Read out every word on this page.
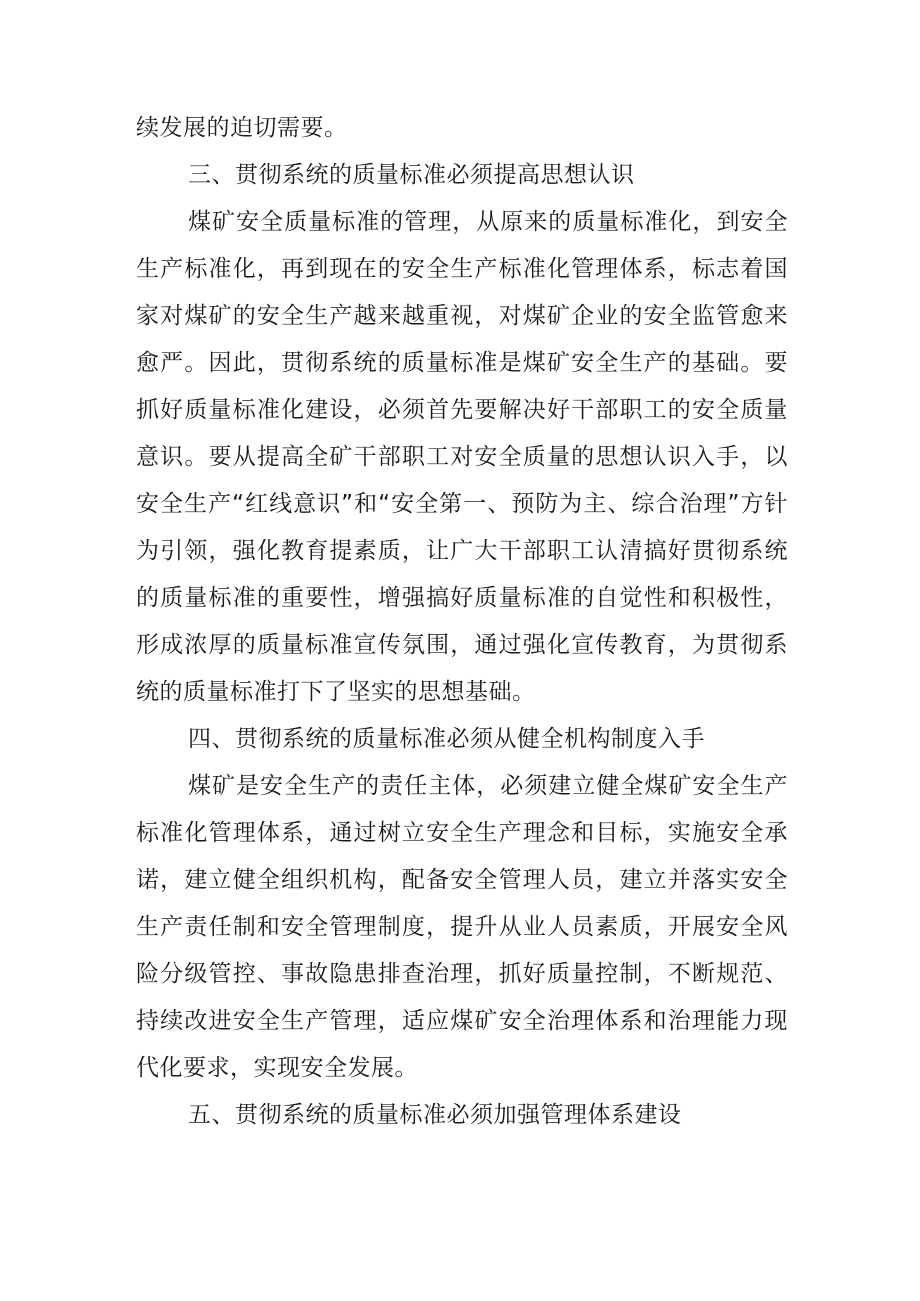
续发展的迫切需要。

三、贯彻系统的质量标准必须提高思想认识

煤矿安全质量标准的管理，从原来的质量标准化，到安全生产标准化，再到现在的安全生产标准化管理体系，标志着国家对煤矿的安全生产越来越重视，对煤矿企业的安全监管愈来愈严。因此，贯彻系统的质量标准是煤矿安全生产的基础。要抓好质量标准化建设，必须首先要解决好干部职工的安全质量意识。要从提高全矿干部职工对安全质量的思想认识入手，以安全生产“红线意识”和“安全第一、预防为主、综合治理”方针为引领，强化教育提素质，让广大干部职工认清搞好贯彻系统的质量标准的重要性，增强搞好质量标准的自觉性和积极性，形成浓厚的质量标准宣传氛围，通过强化宣传教育，为贯彻系统的质量标准打下了坚实的思想基础。

四、贯彻系统的质量标准必须从健全机构制度入手

煤矿是安全生产的责任主体，必须建立健全煤矿安全生产标准化管理体系，通过树立安全生产理念和目标，实施安全承诺，建立健全组织机构，配备安全管理人员，建立并落实安全生产责任制和安全管理制度，提升从业人员素质，开展安全风险分级管控、事故隐患排查治理，抓好质量控制，不断规范、持续改进安全生产管理，适应煤矿安全治理体系和治理能力现代化要求，实现安全发展。

五、贯彻系统的质量标准必须加强管理体系建设
